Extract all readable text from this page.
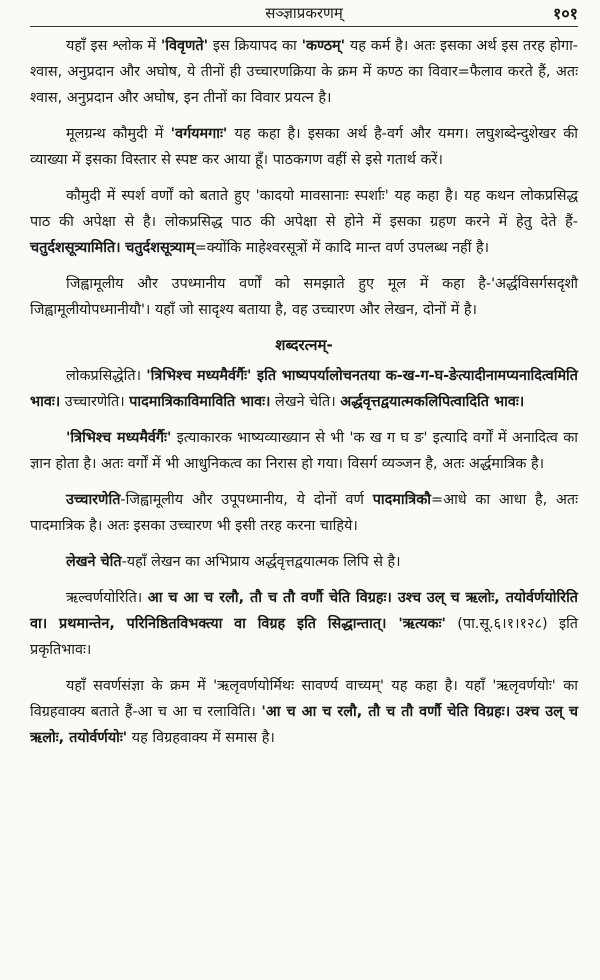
सञ्ज्ञाप्रकरणम्	१०१

यहाँ इस श्लोक में 'विवृणते' इस क्रियापद का 'कण्ठम्' यह कर्म है। अतः इसका अर्थ इस तरह होगा-श्वास, अनुप्रदान और अघोष, ये तीनों ही उच्चारणक्रिया के क्रम में कण्ठ का विवार=फैलाव करते हैं, अतः श्वास, अनुप्रदान और अघोष, इन तीनों का विवार प्रयत्न है।

मूलग्रन्थ कौमुदी में 'वर्गयमगाः' यह कहा है। इसका अर्थ है-वर्ग और यमग। लघुशब्देन्दुशेखर की व्याख्या में इसका विस्तार से स्पष्ट कर आया हूँ। पाठकगण वहीं से इसे गतार्थ करें।

कौमुदी में स्पर्श वर्णों को बताते हुए 'कादयो मावसानाः स्पर्शाः' यह कहा है। यह कथन लोकप्रसिद्ध पाठ की अपेक्षा से है। लोकप्रसिद्ध पाठ की अपेक्षा से होने में इसका ग्रहण करने में हेतु देते हैं-चतुर्दशसूत्र्यामिति। चतुर्दशसूत्र्याम्=क्योंकि माहेश्वरसूत्रों में कादि मान्त वर्ण उपलब्ध नहीं है।

जिह्वामूलीय और उपध्मानीय वर्णों को समझाते हुए मूल में कहा है-'अर्द्धविसर्गसदृशौ जिह्वामूलीयोपध्मानीयौ'। यहाँ जो सादृश्य बताया है, वह उच्चारण और लेखन, दोनों में है।

शब्दरत्नम्-

लोकप्रसिद्धेति। 'त्रिभिश्च मध्यमैर्वर्गैः' इति भाष्यपर्यालोचनतया क-ख-ग-घ-ङेत्यादीनामप्यनादित्वमिति भावः। उच्चारणेति। पादमात्रिकाविमाविति भावः। लेखने चेति। अर्द्धवृत्तद्वयात्मकलिपित्वादिति भावः।

'त्रिभिश्च मध्यमैर्वर्गैः' इत्याकारक भाष्यव्याख्यान से भी 'क ख ग घ ङ' इत्यादि वर्गों में अनादित्व का ज्ञान होता है। अतः वर्गों में भी आधुनिकत्व का निरास हो गया। विसर्ग व्यञ्जन है, अतः अर्द्धमात्रिक है।

उच्चारणेति-जिह्वामूलीय और उपूपध्मानीय, ये दोनों वर्ण पादमात्रिकौ=आधे का आधा है, अतः पादमात्रिक है। अतः इसका उच्चारण भी इसी तरह करना चाहिये।

लेखने चेति-यहाँ लेखन का अभिप्राय अर्द्धवृत्तद्वयात्मक लिपि से है।

ऋल्वर्णयोरिति। आ च आ च रलौ, तौ च तौ वर्णौ चेति विग्रहः। उश्च उल् च ऋलोः, तयोर्वर्णयोरिति वा। प्रथमान्तेन, परिनिष्ठितविभक्त्या वा विग्रह इति सिद्धान्तात्। 'ऋत्यकः' (पा.सू.६।१।१२८) इति प्रकृतिभावः।

यहाँ सवर्णसंज्ञा के क्रम में 'ऋलृवर्णयोर्मिथः सावर्ण्य वाच्यम्' यह कहा है। यहाँ 'ऋलृवर्णयोः' का विग्रहवाक्य बताते हैं-आ च आ च रलाविति। 'आ च आ च रलौ, तौ च तौ वर्णौ चेति विग्रहः। उश्च उल् च ऋलोः, तयोर्वर्णयोः' यह विग्रहवाक्य में समास है।
